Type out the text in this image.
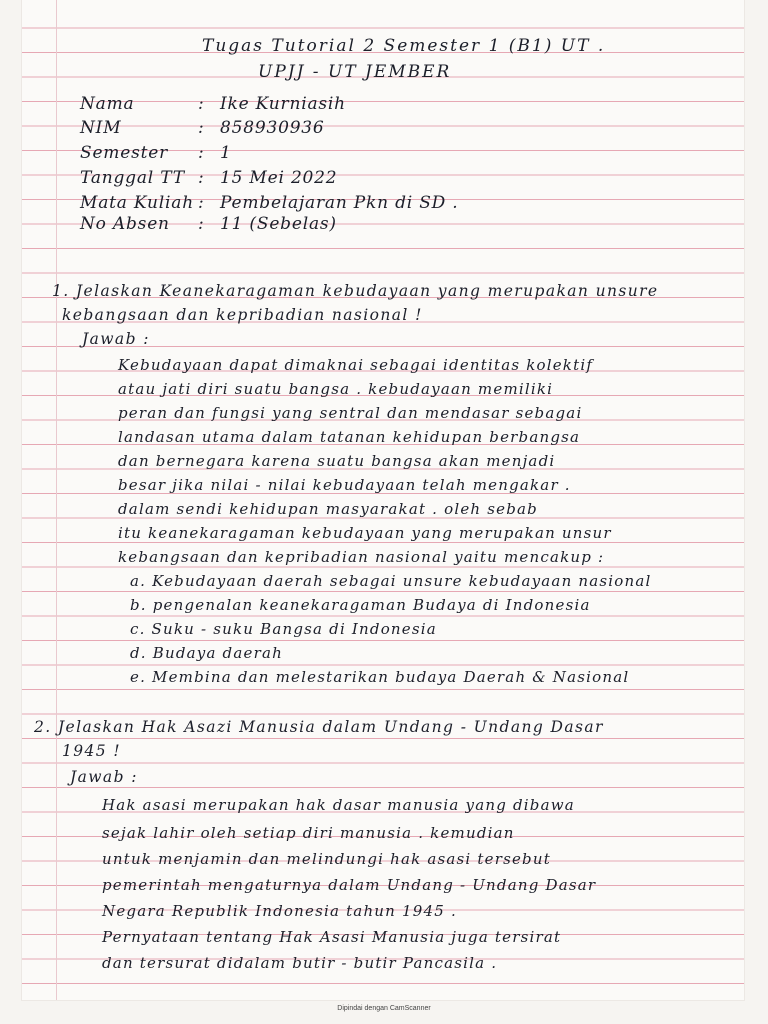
Tugas Tutorial 2 Semester 1 (B1) UT .
UPJJ - UT JEMBER
Nama	: Ike Kurniasih
NIM	: 858930936
Semester : 1
Tanggal TT : 15 Mei 2022
Mata Kuliah : Pembelajaran Pkn di SD .
No Absen : 11 (Sebelas)
1. Jelaskan Keanekaragaman kebudayaan yang merupakan unsure
kebangsaan dan kepribadian nasional !
Jawab :
Kebudayaan dapat dimaknai sebagai identitas kolektif
atau jati diri suatu bangsa . kebudayaan memiliki
peran dan fungsi yang sentral dan mendasar sebagai
landasan utama dalam tatanan kehidupan berbangsa
dan bernegara karena suatu bangsa akan menjadi
besar jika nilai - nilai kebudayaan telah mengakar .
dalam sendi kehidupan masyarakat . oleh sebab
itu keanekaragaman kebudayaan yang merupakan unsur
kebangsaan dan kepribadian nasional yaitu mencakup :
a. Kebudayaan daerah sebagai unsure kebudayaan nasional
b. pengenalan keanekaragaman Budaya di Indonesia
c. Suku - suku Bangsa di Indonesia
d. Budaya daerah
e. Membina dan melestarikan budaya Daerah & Nasional
2. Jelaskan Hak Asazi Manusia dalam Undang - Undang Dasar
1945 !
Jawab :
Hak asasi merupakan hak dasar manusia yang dibawa
sejak lahir oleh setiap diri manusia . kemudian
untuk menjamin dan melindungi hak asasi tersebut
pemerintah mengaturnya dalam Undang - Undang Dasar
Negara Republik Indonesia tahun 1945 .
Pernyataan tentang Hak Asasi Manusia juga tersirat
dan tersurat didalam butir - butir Pancasila .
Dipindai dengan CamScanner
